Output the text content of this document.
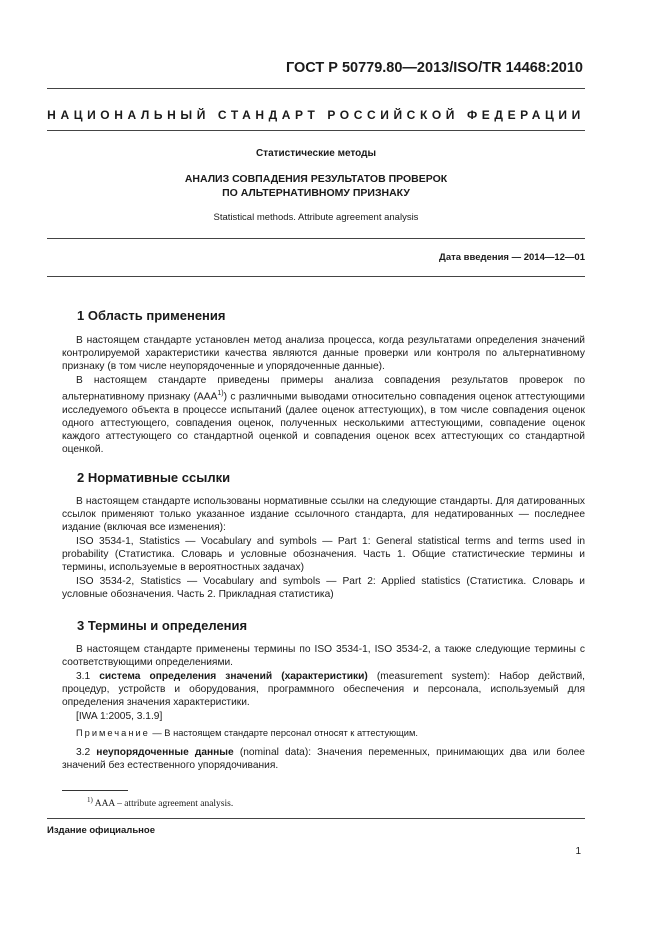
ГОСТ Р 50779.80—2013/ISO/TR 14468:2010
НАЦИОНАЛЬНЫЙ СТАНДАРТ РОССИЙСКОЙ ФЕДЕРАЦИИ
Статистические методы
АНАЛИЗ СОВПАДЕНИЯ РЕЗУЛЬТАТОВ ПРОВЕРОК
ПО АЛЬТЕРНАТИВНОМУ ПРИЗНАКУ
Statistical methods. Attribute agreement analysis
Дата введения — 2014—12—01
1 Область применения

В настоящем стандарте установлен метод анализа процесса, когда результатами определения значений контролируемой характеристики качества являются данные проверки или контроля по альтернативному признаку (в том числе неупорядоченные и упорядоченные данные).

В настоящем стандарте приведены примеры анализа совпадения результатов проверок по альтернативному признаку (ААА$^{1)}$) с различными выводами относительно совпадения оценок аттестующими исследуемого объекта в процессе испытаний (далее оценок аттестующих), в том числе совпадения оценок одного аттестующего, совпадения оценок, полученных несколькими аттестующими, совпадение оценок каждого аттестующего со стандартной оценкой и совпадения оценок всех аттестующих со стандартной оценкой.

2 Нормативные ссылки

В настоящем стандарте использованы нормативные ссылки на следующие стандарты. Для датированных ссылок применяют только указанное издание ссылочного стандарта, для недатированных — последнее издание (включая все изменения):

ISO 3534-1, Statistics — Vocabulary and symbols — Part 1: General statistical terms and terms used in probability (Статистика. Словарь и условные обозначения. Часть 1. Общие статистические термины и термины, используемые в вероятностных задачах)

ISO 3534-2, Statistics — Vocabulary and symbols — Part 2: Applied statistics (Статистика. Словарь и условные обозначения. Часть 2. Прикладная статистика)

3 Термины и определения

В настоящем стандарте применены термины по ISO 3534-1, ISO 3534-2, а также следующие термины с соответствующими определениями.

3.1 система определения значений (характеристики) (measurement system): Набор действий, процедур, устройств и оборудования, программного обеспечения и персонала, используемый для определения значения характеристики.

[IWA 1:2005, 3.1.9]

Примечание — В настоящем стандарте персонал относят к аттестующим.

3.2 неупорядоченные данные (nominal data): Значения переменных, принимающих два или более значений без естественного упорядочивания.

$^{1)}$ AAA – attribute agreement analysis.
Издание официальное
1
